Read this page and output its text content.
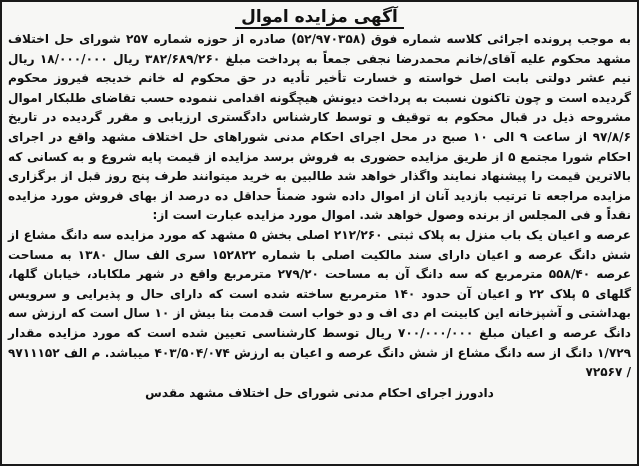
آگهی مزایده اموال

به موجب پرونده اجرائی کلاسه شماره فوق (۵۲/۹۷۰۳۵۸) صادره از حوزه شماره ۲۵۷ شورای حل اختلاف مشهد محکوم علیه آقای/خانم محمدرضا نجفی جمعاً به پرداخت مبلغ ۳۸۲/۶۸۹/۲۶۰ ریال ۱۸/۰۰۰/۰۰۰ ریال نیم عشر دولتی بابت اصل خواسته و خسارت تأخیر تأدیه در حق محکوم له خانم خدیجه فیروز محکوم گردیده است و چون تاکنون نسبت به پرداخت دیونش هیچگونه اقدامی ننموده حسب تقاضای طلبکار اموال مشروحه ذیل در قبال محکوم به توقیف و توسط کارشناس دادگستری ارزیابی و مقرر گردیده در تاریخ ۹۷/۸/۶ از ساعت ۹ الی ۱۰ صبح در محل اجرای احکام مدنی شوراهای حل اختلاف مشهد واقع در اجرای احکام شورا مجتمع ۵ از طریق مزایده حضوری به فروش برسد مزایده از قیمت پایه شروع و به کسانی که بالاترین قیمت را پیشنهاد نمایند واگذار خواهد شد طالبین به خرید میتوانند طرف پنج روز قبل از برگزاری مزایده مراجعه تا ترتیب بازدید آنان از اموال داده شود ضمناً حداقل ده درصد از بهای فروش مورد مزایده نقداً و فی المجلس از برنده وصول خواهد شد. اموال مورد مزایده عبارت است از:

عرصه و اعیان یک باب منزل به پلاک ثبتی ۲۱۲/۲۶۰ اصلی بخش ۵ مشهد که مورد مزایده سه دانگ مشاع از شش دانگ عرصه و اعیان دارای سند مالکیت اصلی با شماره ۱۵۲۸۲۲ سری الف سال ۱۳۸۰ به مساحت عرصه ۵۵۸/۴۰ مترمربع که سه دانگ آن به مساحت ۲۷۹/۲۰ مترمربع واقع در شهر ملکاباد، خیابان گلها، گلهای ۵ پلاک ۲۲ و اعیان آن حدود ۱۴۰ مترمربع ساخته شده است که دارای حال و پذیرایی و سرویس بهداشتی و آشپزخانه این کابینت ام دی اف و دو خواب است قدمت بنا بیش از ۱۰ سال است که ارزش سه دانگ عرصه و اعیان مبلغ ۷۰۰/۰۰۰/۰۰۰ ریال توسط کارشناسی تعیین شده است که مورد مزایده مقدار ۱/۷۲۹ دانگ از سه دانگ مشاع از شش دانگ عرصه و اعیان به ارزش ۴۰۳/۵۰۴/۰۷۴ میباشد. م الف ۹۷۱۱۱۵۲ / ۷۲۵۶۷

دادورز اجرای احکام مدنی شورای حل اختلاف مشهد مقدس
